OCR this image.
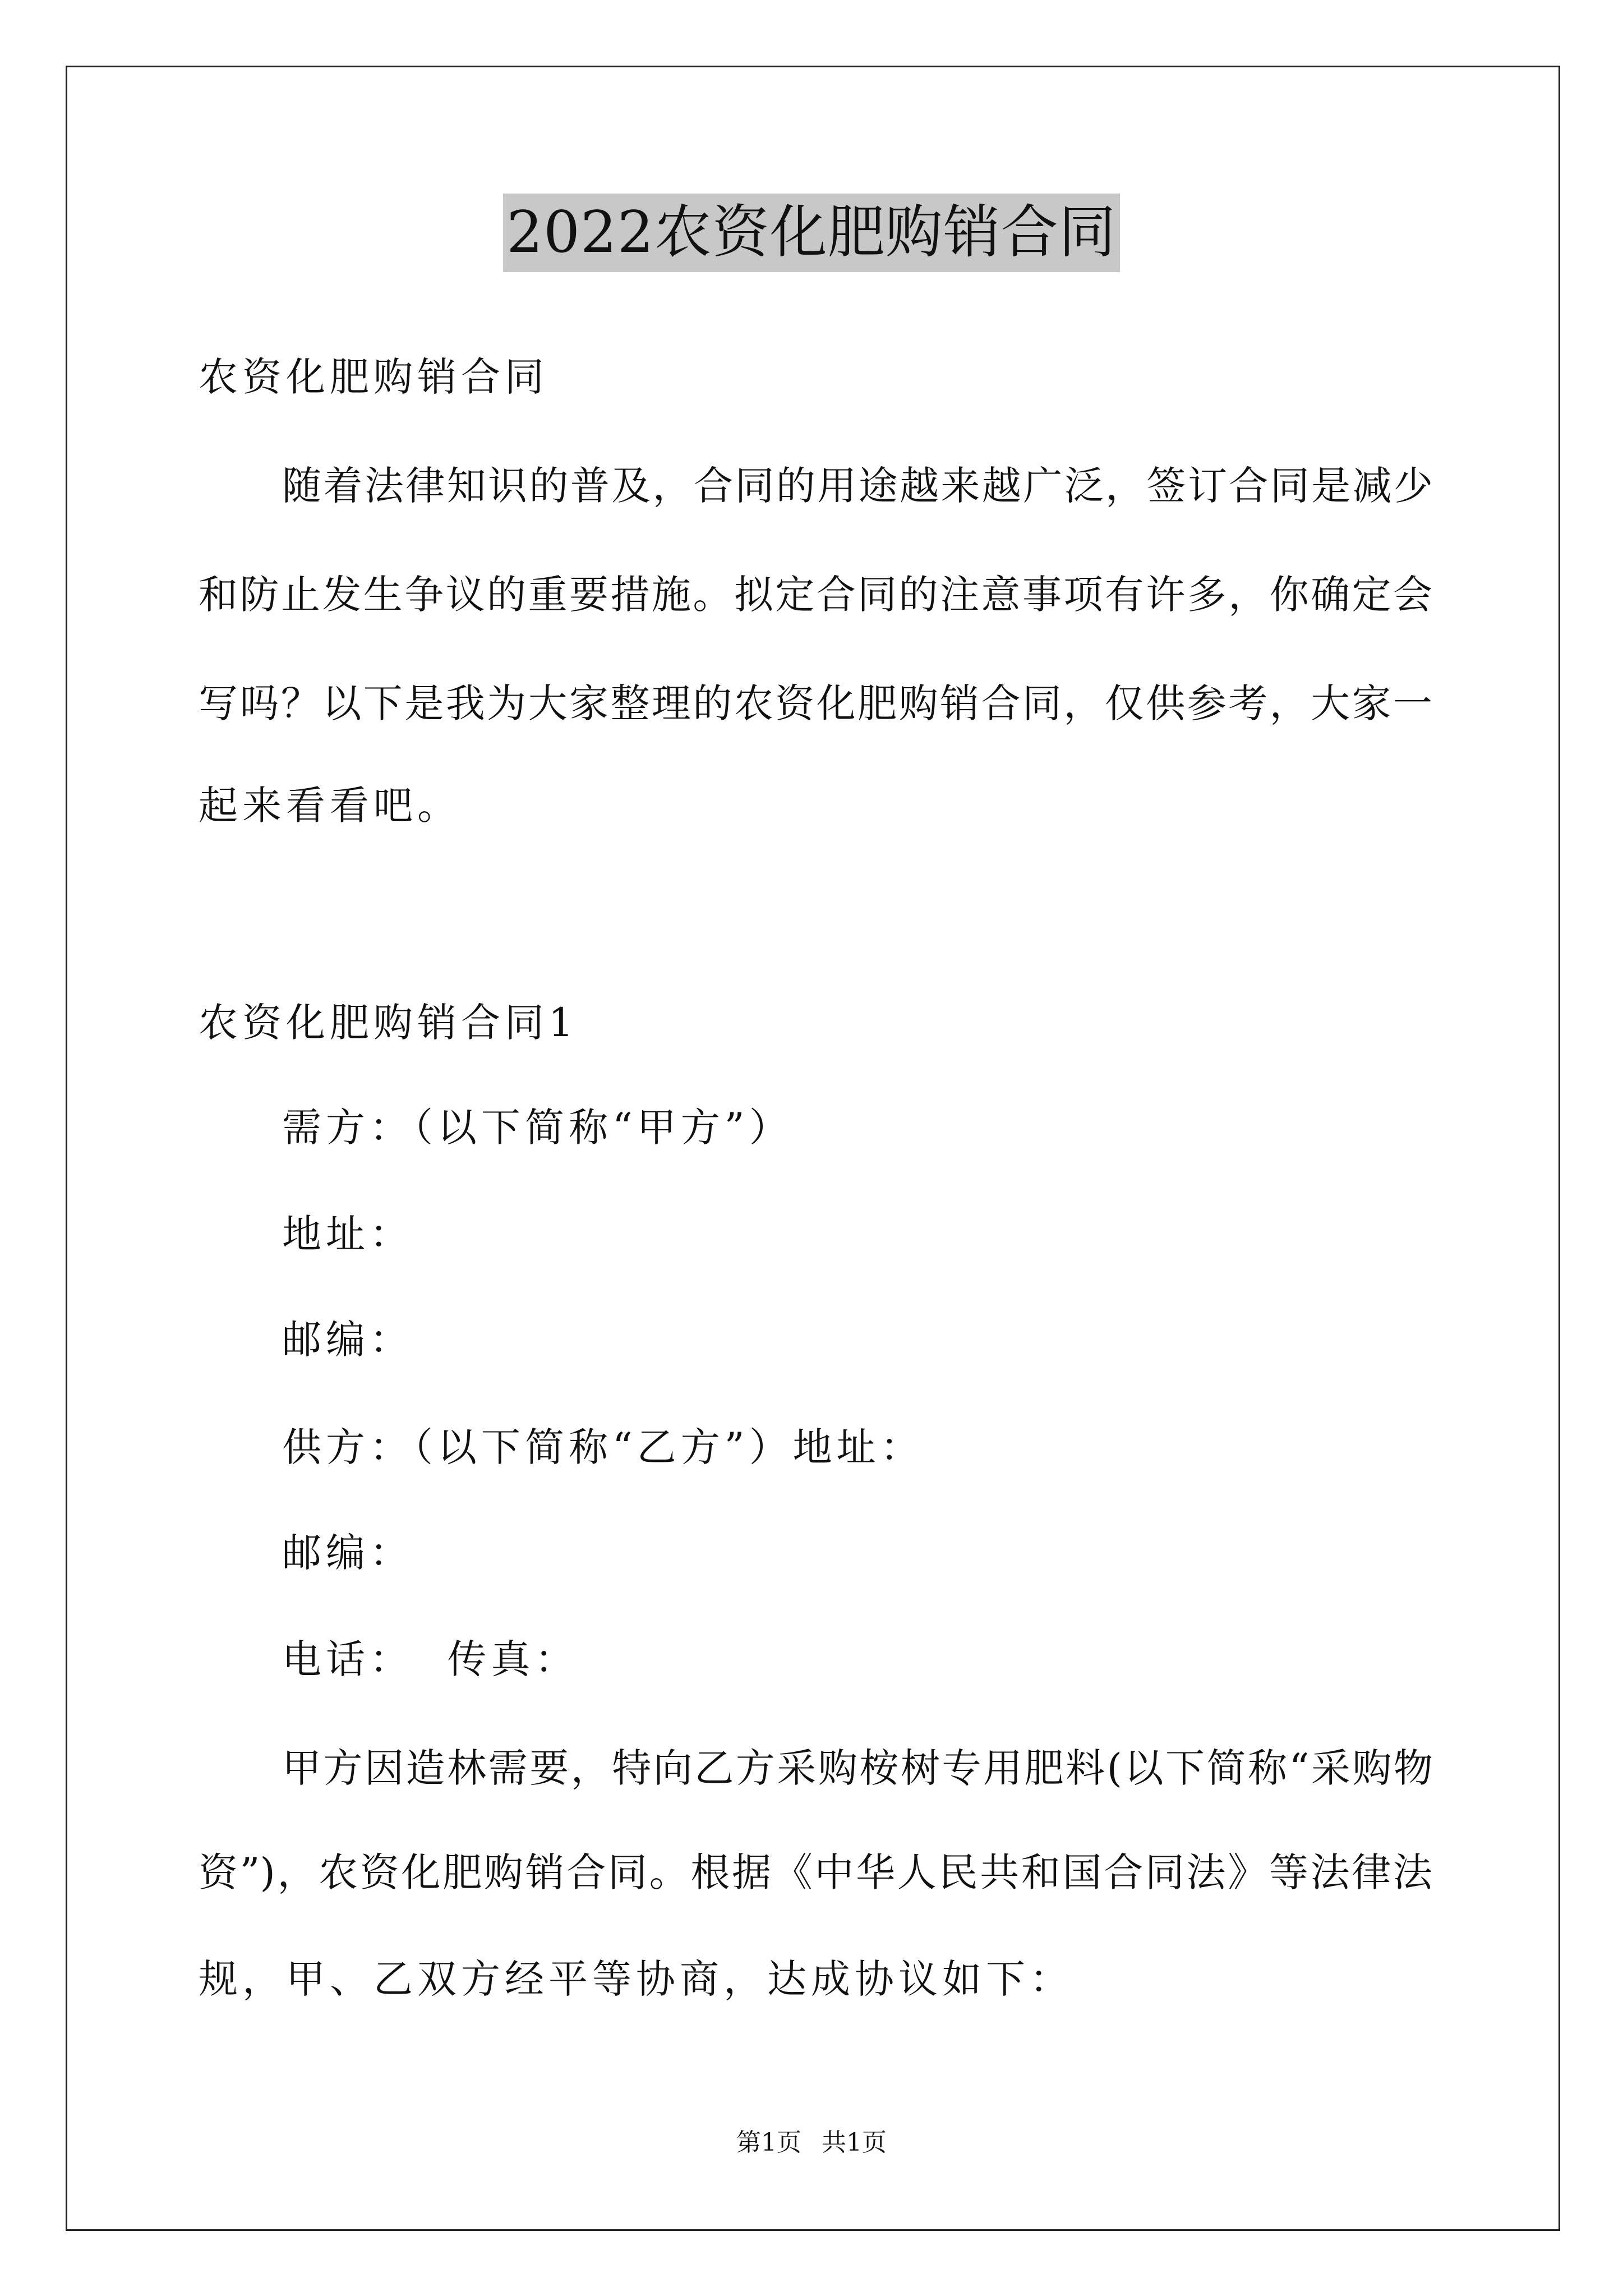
2022农资化肥购销合同
农资化肥购销合同
随着法律知识的普及，合同的用途越来越广泛，签订合同是减少
和防止发生争议的重要措施。拟定合同的注意事项有许多，你确定会
写吗？以下是我为大家整理的农资化肥购销合同，仅供参考，大家一
起来看看吧。
农资化肥购销合同1
需方：（以下简称“甲方”）
地址：
邮编：
供方：（以下简称“乙方”）地址：
邮编：
电话：  传真：
甲方因造林需要，特向乙方采购桉树专用肥料(以下简称“采购物
资”)，农资化肥购销合同。根据《中华人民共和国合同法》等法律法
规，甲、乙双方经平等协商，达成协议如下：
第1页 共1页
